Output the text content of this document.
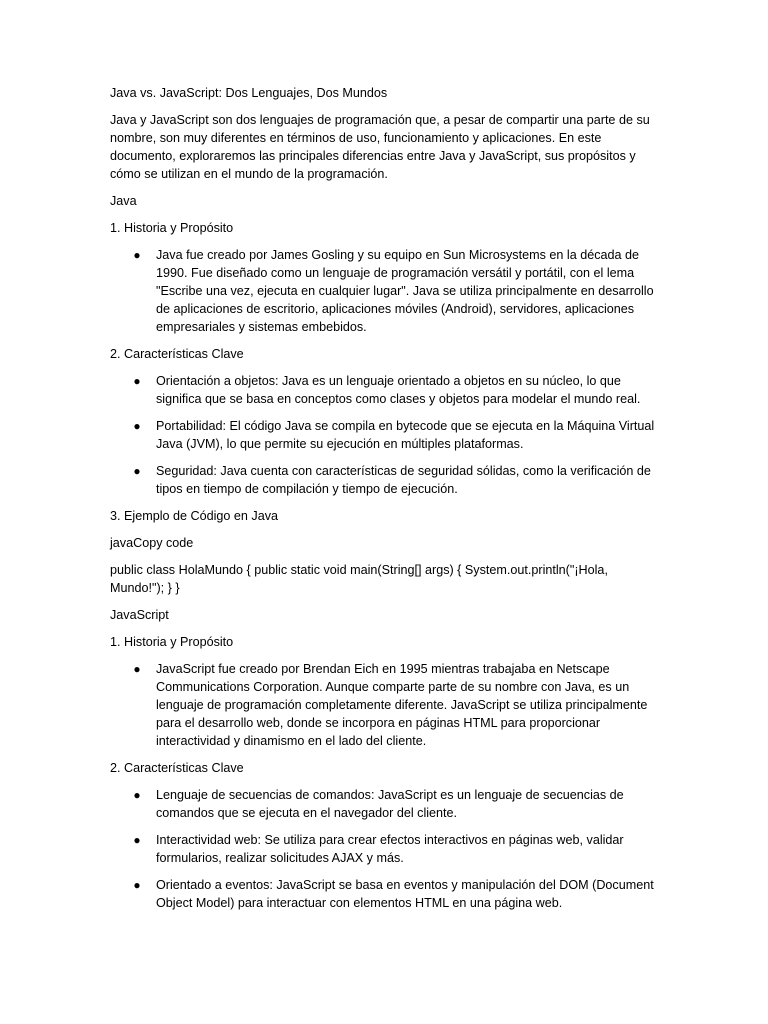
Java vs. JavaScript: Dos Lenguajes, Dos Mundos

Java y JavaScript son dos lenguajes de programación que, a pesar de compartir una parte de su nombre, son muy diferentes en términos de uso, funcionamiento y aplicaciones. En este documento, exploraremos las principales diferencias entre Java y JavaScript, sus propósitos y cómo se utilizan en el mundo de la programación.

Java

1. Historia y Propósito

● Java fue creado por James Gosling y su equipo en Sun Microsystems en la década de 1990. Fue diseñado como un lenguaje de programación versátil y portátil, con el lema "Escribe una vez, ejecuta en cualquier lugar". Java se utiliza principalmente en desarrollo de aplicaciones de escritorio, aplicaciones móviles (Android), servidores, aplicaciones empresariales y sistemas embebidos.

2. Características Clave

● Orientación a objetos: Java es un lenguaje orientado a objetos en su núcleo, lo que significa que se basa en conceptos como clases y objetos para modelar el mundo real.
● Portabilidad: El código Java se compila en bytecode que se ejecuta en la Máquina Virtual Java (JVM), lo que permite su ejecución en múltiples plataformas.
● Seguridad: Java cuenta con características de seguridad sólidas, como la verificación de tipos en tiempo de compilación y tiempo de ejecución.

3. Ejemplo de Código en Java

javaCopy code

public class HolaMundo { public static void main(String[] args) { System.out.println("¡Hola, Mundo!"); } }

JavaScript

1. Historia y Propósito

● JavaScript fue creado por Brendan Eich en 1995 mientras trabajaba en Netscape Communications Corporation. Aunque comparte parte de su nombre con Java, es un lenguaje de programación completamente diferente. JavaScript se utiliza principalmente para el desarrollo web, donde se incorpora en páginas HTML para proporcionar interactividad y dinamismo en el lado del cliente.

2. Características Clave

● Lenguaje de secuencias de comandos: JavaScript es un lenguaje de secuencias de comandos que se ejecuta en el navegador del cliente.
● Interactividad web: Se utiliza para crear efectos interactivos en páginas web, validar formularios, realizar solicitudes AJAX y más.
● Orientado a eventos: JavaScript se basa en eventos y manipulación del DOM (Document Object Model) para interactuar con elementos HTML en una página web.
